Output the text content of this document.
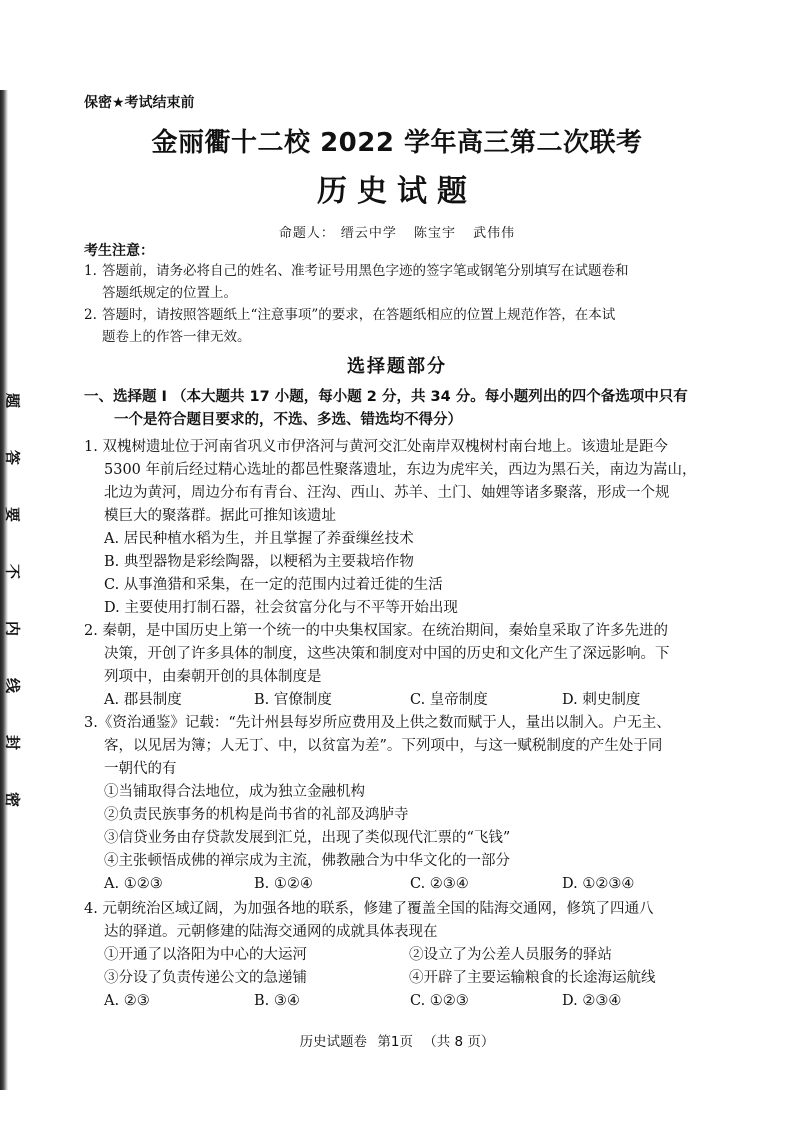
题
答
要
不
内
线
封
密
保密★考试结束前
金丽衢十二校 2022 学年高三第二次联考
历史试题
命题人： 缙云中学 陈宝宇 武伟伟
考生注意：
1. 答题前，请务必将自己的姓名、准考证号用黑色字迹的签字笔或钢笔分别填写在试题卷和
答题纸规定的位置上。
2. 答题时，请按照答题纸上“注意事项”的要求，在答题纸相应的位置上规范作答，在本试
题卷上的作答一律无效。
选择题部分
一、选择题 I （本大题共 17 小题，每小题 2 分，共 34 分。每小题列出的四个备选项中只有
一个是符合题目要求的，不选、多选、错选均不得分）
1. 双槐树遗址位于河南省巩义市伊洛河与黄河交汇处南岸双槐树村南台地上。该遗址是距今
5300 年前后经过精心选址的都邑性聚落遗址，东边为虎牢关，西边为黑石关，南边为嵩山，
北边为黄河，周边分布有青台、汪沟、西山、苏羊、土门、妯娌等诸多聚落，形成一个规
模巨大的聚落群。据此可推知该遗址
A. 居民种植水稻为生，并且掌握了养蚕缫丝技术
B. 典型器物是彩绘陶器，以粳稻为主要栽培作物
C. 从事渔猎和采集，在一定的范围内过着迁徙的生活
D. 主要使用打制石器，社会贫富分化与不平等开始出现
2. 秦朝，是中国历史上第一个统一的中央集权国家。在统治期间，秦始皇采取了许多先进的
决策，开创了许多具体的制度，这些决策和制度对中国的历史和文化产生了深远影响。下
列项中，由秦朝开创的具体制度是
A. 郡县制度	B. 官僚制度	C. 皇帝制度	D. 刺史制度
3.《资治通鉴》记载：“先计州县每岁所应费用及上供之数而赋于人，量出以制入。户无主、
客，以见居为簿；人无丁、中，以贫富为差”。下列项中，与这一赋税制度的产生处于同
一朝代的有
①当铺取得合法地位，成为独立金融机构
②负责民族事务的机构是尚书省的礼部及鸿胪寺
③信贷业务由存贷款发展到汇兑，出现了类似现代汇票的“飞钱”
④主张顿悟成佛的禅宗成为主流，佛教融合为中华文化的一部分
A. ①②③	B. ①②④	C. ②③④	D. ①②③④
4. 元朝统治区域辽阔，为加强各地的联系，修建了覆盖全国的陆海交通网，修筑了四通八
达的驿道。元朝修建的陆海交通网的成就具体表现在
①开通了以洛阳为中心的大运河	②设立了为公差人员服务的驿站
③分设了负责传递公文的急递铺	④开辟了主要运输粮食的长途海运航线
A. ②③	B. ③④	C. ①②③	D. ②③④
历史试题卷 第1页 （共 8 页）
